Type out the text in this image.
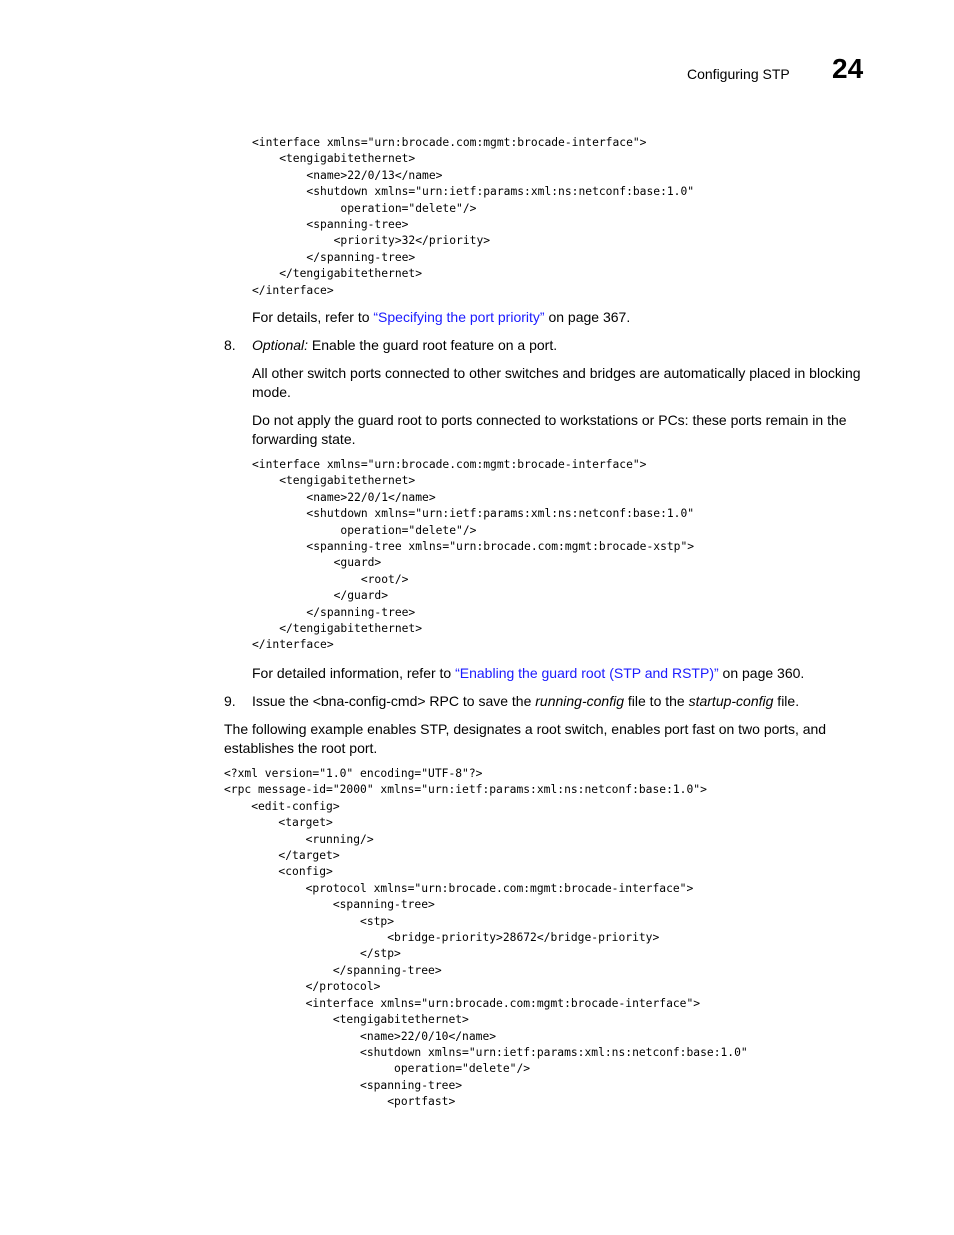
Configuring STP 24
<interface xmlns="urn:brocade.com:mgmt:brocade-interface">
<tengigabitethernet>
<name>22/0/13</name>
<shutdown xmlns="urn:ietf:params:xml:ns:netconf:base:1.0"
operation="delete"/>
<spanning-tree>
<priority>32</priority>
</spanning-tree>
</tengigabitethernet>
</interface>

For details, refer to “Specifying the port priority” on page 367.

8. Optional: Enable the guard root feature on a port.

All other switch ports connected to other switches and bridges are automatically placed in blocking mode.

Do not apply the guard root to ports connected to workstations or PCs: these ports remain in the forwarding state.

<interface xmlns="urn:brocade.com:mgmt:brocade-interface">
<tengigabitethernet>
<name>22/0/1</name>
<shutdown xmlns="urn:ietf:params:xml:ns:netconf:base:1.0"
operation="delete"/>
<spanning-tree xmlns="urn:brocade.com:mgmt:brocade-xstp">
<guard>
<root/>
</guard>
</spanning-tree>
</tengigabitethernet>
</interface>

For detailed information, refer to “Enabling the guard root (STP and RSTP)” on page 360.

9. Issue the <bna-config-cmd> RPC to save the running-config file to the startup-config file.

The following example enables STP, designates a root switch, enables port fast on two ports, and establishes the root port.

<?xml version="1.0" encoding="UTF-8"?>
<rpc message-id="2000" xmlns="urn:ietf:params:xml:ns:netconf:base:1.0">
<edit-config>
<target>
<running/>
</target>
<config>
<protocol xmlns="urn:brocade.com:mgmt:brocade-interface">
<spanning-tree>
<stp>
<bridge-priority>28672</bridge-priority>
</stp>
</spanning-tree>
</protocol>
<interface xmlns="urn:brocade.com:mgmt:brocade-interface">
<tengigabitethernet>
<name>22/0/10</name>
<shutdown xmlns="urn:ietf:params:xml:ns:netconf:base:1.0"
operation="delete"/>
<spanning-tree>
<portfast>
